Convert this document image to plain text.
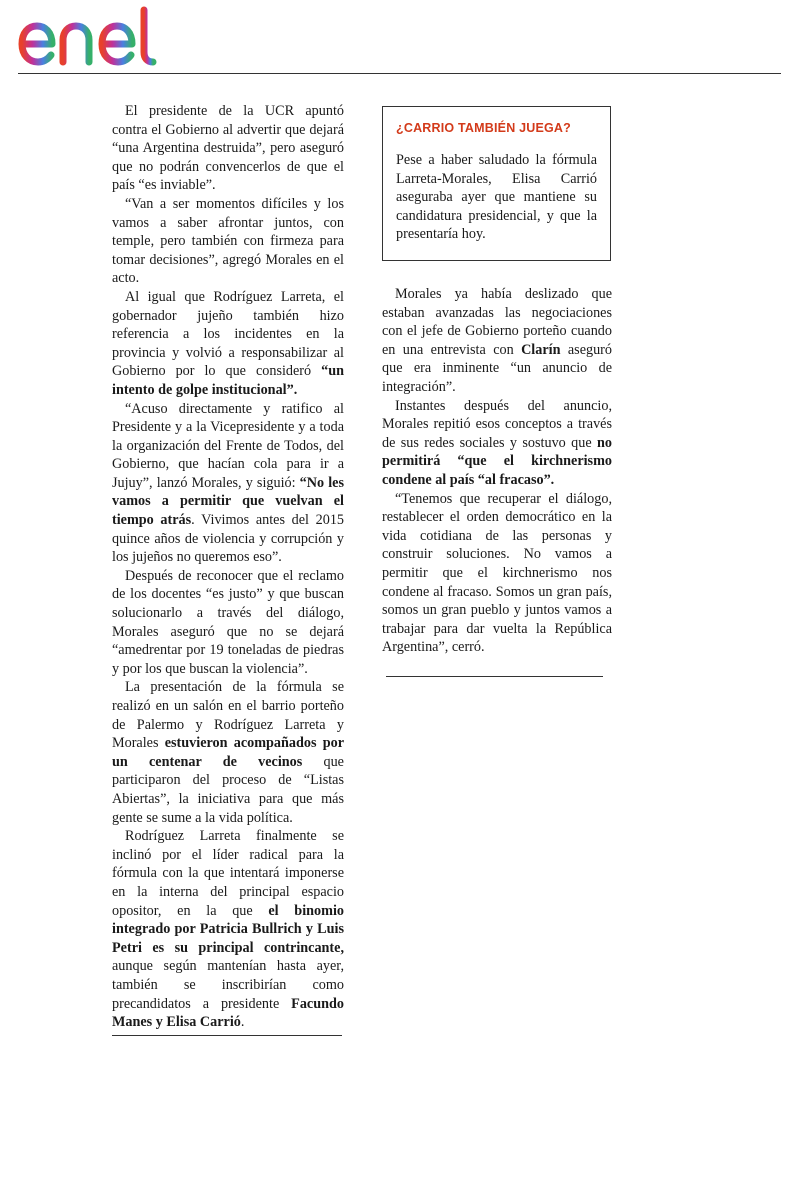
enel

El presidente de la UCR apuntó contra el Gobierno al advertir que dejará “una Argentina destruida”, pero aseguró que no podrán convencerlos de que el país “es inviable”.

“Van a ser momentos difíciles y los vamos a saber afrontar juntos, con temple, pero también con firmeza para tomar decisiones”, agregó Morales en el acto.

Al igual que Rodríguez Larreta, el gobernador jujeño también hizo referencia a los incidentes en la provincia y volvió a responsabilizar al Gobierno por lo que consideró “un intento de golpe institucional”.

“Acuso directamente y ratifico al Presidente y a la Vicepresidente y a toda la organización del Frente de Todos, del Gobierno, que hacían cola para ir a Jujuy”, lanzó Morales, y siguió: “No les vamos a permitir que vuelvan el tiempo atrás. Vivimos antes del 2015 quince años de violencia y corrupción y los jujeños no queremos eso”.

Después de reconocer que el reclamo de los docentes “es justo” y que buscan solucionarlo a través del diálogo, Morales aseguró que no se dejará “amedrentar por 19 toneladas de piedras y por los que buscan la violencia”.

La presentación de la fórmula se realizó en un salón en el barrio porteño de Palermo y Rodríguez Larreta y Morales estuvieron acompañados por un centenar de vecinos que participaron del proceso de “Listas Abiertas”, la iniciativa para que más gente se sume a la vida política.

Rodríguez Larreta finalmente se inclinó por el líder radical para la fórmula con la que intentará imponerse en la interna del principal espacio opositor, en la que el binomio integrado por Patricia Bullrich y Luis Petri es su principal contrincante, aunque según mantenían hasta ayer, también se inscribirían como precandidatos a presidente Facundo Manes y Elisa Carrió.

¿CARRIO TAMBIÉN JUEGA?

Pese a haber saludado la fórmula Larreta-Morales, Elisa Carrió aseguraba ayer que mantiene su candidatura presidencial, y que la presentaría hoy.

Morales ya había deslizado que estaban avanzadas las negociaciones con el jefe de Gobierno porteño cuando en una entrevista con Clarín aseguró que era inminente “un anuncio de integración”.

Instantes después del anuncio, Morales repitió esos conceptos a través de sus redes sociales y sostuvo que no permitirá “que el kirchnerismo condene al país “al fracaso”.

“Tenemos que recuperar el diálogo, restablecer el orden democrático en la vida cotidiana de las personas y construir soluciones. No vamos a permitir que el kirchnerismo nos condene al fracaso. Somos un gran país, somos un gran pueblo y juntos vamos a trabajar para dar vuelta la República Argentina”, cerró.
